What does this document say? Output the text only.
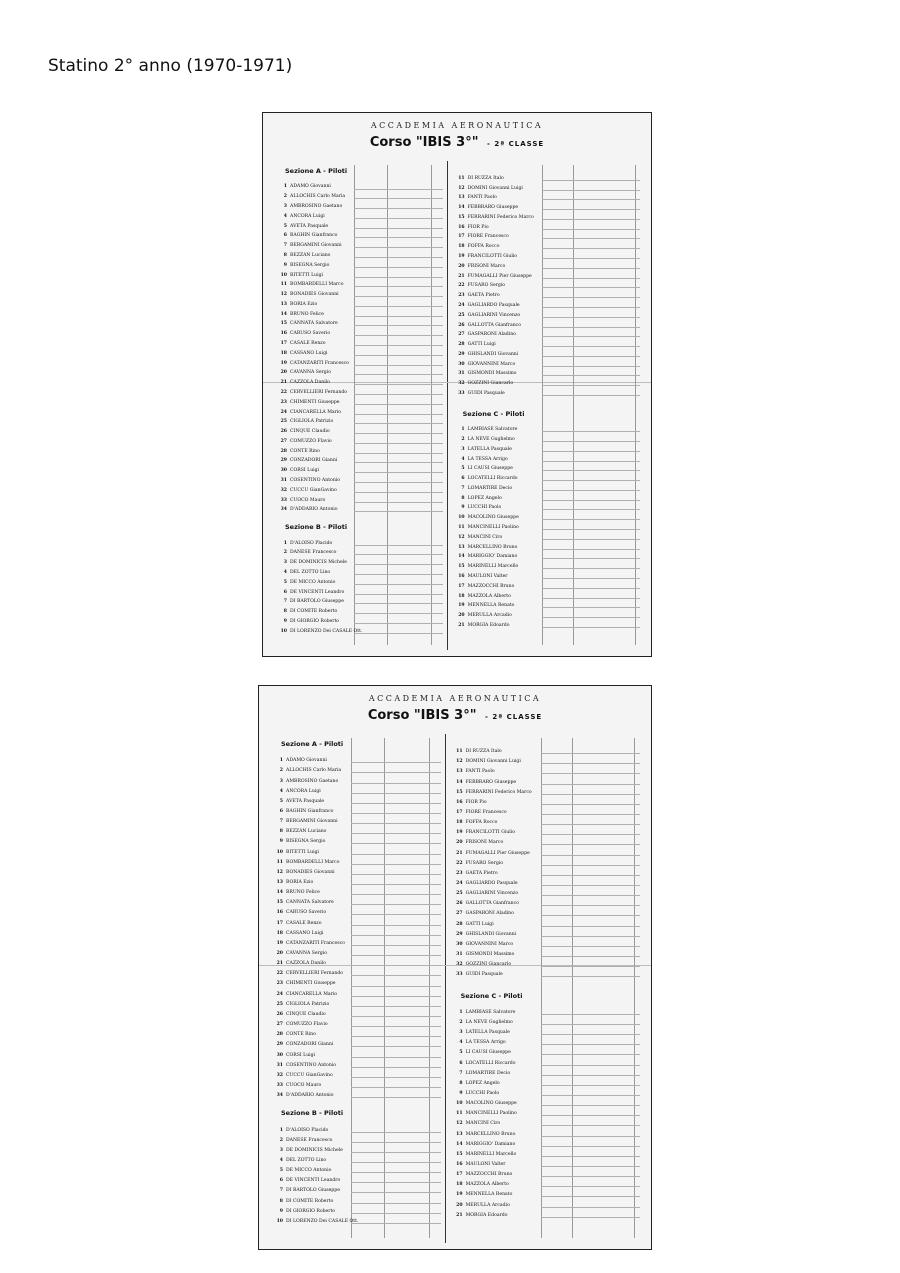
Statino 2° anno (1970-1971)
ACCADEMIA AERONAUTICA
Corso "IBIS 3°" - 2ª CLASSE
Sezione A - Piloti
1 ADAMO Giovanni
2 ALLOCHIS Carlo Maria
3 AMBROSINO Gaetano
4 ANCORA Luigi
5 AVETA Pasquale
6 BAGHIN Gianfranco
7 BERGAMINI Giovanni
8 BEZZAN Luciano
9 BISEGNA Sergio
10 BITETTI Luigi
11 BOMBARDELLI Marco
12 BONADIES Giovanni
13 BORIA Ezio
14 BRUNO Felice
15 CANNATA Salvatore
16 CARUSO Saverio
17 CASALE Renzo
18 CASSANO Luigi
19 CATANZARITI Francesco
20 CAVANNA Sergio
21 CAZZOLA Danilo
22 CERVELLIERI Fernando
23 CHIMENTI Giuseppe
24 CIANCARELLA Mario
25 CIGLIOLA Patrizio
26 CINQUE Claudio
27 COMUZZO Flavio
28 CONTE Rino
29 CONZADORI Gianni
30 CORSI Luigi
31 COSENTINO Antonio
32 CUCCU GianGavino
33 CUOCO Mauro
34 D'ADDARIO Antonio
Sezione B - Piloti
1 D'ALOISO Placido
2 DANESE Francesco
3 DE DOMINICIS Michele
4 DEL ZOTTO Lino
5 DE MICCO Antonio
6 DE VINCENTI Leandro
7 DI BARTOLO Giuseppe
8 DI COMITE Roberto
9 DI GIORGIO Roberto
10 DI LORENZO Dei CASALE Ott.
11 DI RUZZA Italo
12 DOMINI Giovanni Luigi
13 FANTI Paolo
14 FEBBRARO Giuseppe
15 FERRARINI Federico Marco
16 FIOR Pio
17 FIORE Francesco
18 FOFFA Rocco
19 FRANCILOTTI Giulio
20 FRISONI Marco
21 FUMAGALLI Pier Giuseppe
22 FUSARO Sergio
23 GAETA Pietro
24 GAGLIARDO Pasquale
25 GAGLIARINI Vincenzo
26 GALLOTTA Gianfranco
27 GASPARONI Aladino
28 GATTI Luigi
29 GHISLANDI Giovanni
30 GIOVANNINI Marco
31 GISMONDI Massimo
32 GOZZINI Giancarlo
33 GUIDI Pasquale
Sezione C - Piloti
1 LAMBIASE Salvatore
2 LA NEVE Guglielmo
3 LATELLA Pasquale
4 LA TESSA Arrigo
5 LI CAUSI Giuseppe
6 LOCATELLI Riccardo
7 LOMARTIRE Decio
8 LOPEZ Angelo
9 LUCCHI Paolo
10 MACOLINO Giuseppe
11 MANCINELLI Paolino
12 MANCINI Ciro
13 MARCELLINO Bruno
14 MARIGGIO' Damiano
15 MARINELLI Marcello
16 MAULONI Valter
17 MAZZOCCHI Bruno
18 MAZZOLA Alberto
19 MENNELLA Renato
20 MERULLA Arcadio
21 MORGIA Edoardo
ACCADEMIA AERONAUTICA
Corso "IBIS 3°" - 2ª CLASSE
Sezione A - Piloti
1 ADAMO Giovanni
2 ALLOCHIS Carlo Maria
3 AMBROSINO Gaetano
4 ANCORA Luigi
5 AVETA Pasquale
6 BAGHIN Gianfranco
7 BERGAMINI Giovanni
8 BEZZAN Luciano
9 BISEGNA Sergio
10 BITETTI Luigi
11 BOMBARDELLI Marco
12 BONADIES Giovanni
13 BORIA Ezio
14 BRUNO Felice
15 CANNATA Salvatore
16 CARUSO Saverio
17 CASALE Renzo
18 CASSANO Luigi
19 CATANZARITI Francesco
20 CAVANNA Sergio
21 CAZZOLA Danilo
22 CERVELLIERI Fernando
23 CHIMENTI Giuseppe
24 CIANCARELLA Mario
25 CIGLIOLA Patrizio
26 CINQUE Claudio
27 COMUZZO Flavio
28 CONTE Rino
29 CONZADORI Gianni
30 CORSI Luigi
31 COSENTINO Antonio
32 CUCCU GianGavino
33 CUOCO Mauro
34 D'ADDARIO Antonio
Sezione B - Piloti
1 D'ALOISO Placido
2 DANESE Francesco
3 DE DOMINICIS Michele
4 DEL ZOTTO Lino
5 DE MICCO Antonio
6 DE VINCENTI Leandro
7 DI BARTOLO Giuseppe
8 DI COMITE Roberto
9 DI GIORGIO Roberto
10 DI LORENZO Dei CASALE Ott.
11 DI RUZZA Italo
12 DOMINI Giovanni Luigi
13 FANTI Paolo
14 FEBBRARO Giuseppe
15 FERRARINI Federico Marco
16 FIOR Pio
17 FIORE Francesco
18 FOFFA Rocco
19 FRANCILOTTI Giulio
20 FRISONI Marco
21 FUMAGALLI Pier Giuseppe
22 FUSARO Sergio
23 GAETA Pietro
24 GAGLIARDO Pasquale
25 GAGLIARINI Vincenzo
26 GALLOTTA Gianfranco
27 GASPARONI Aladino
28 GATTI Luigi
29 GHISLANDI Giovanni
30 GIOVANNINI Marco
31 GISMONDI Massimo
32 GOZZINI Giancarlo
33 GUIDI Pasquale
Sezione C - Piloti
1 LAMBIASE Salvatore
2 LA NEVE Guglielmo
3 LATELLA Pasquale
4 LA TESSA Arrigo
5 LI CAUSI Giuseppe
6 LOCATELLI Riccardo
7 LOMARTIRE Decio
8 LOPEZ Angelo
9 LUCCHI Paolo
10 MACOLINO Giuseppe
11 MANCINELLI Paolino
12 MANCINI Ciro
13 MARCELLINO Bruno
14 MARIGGIO' Damiano
15 MARINELLI Marcello
16 MAULONI Valter
17 MAZZOCCHI Bruno
18 MAZZOLA Alberto
19 MENNELLA Renato
20 MERULLA Arcadio
21 MORGIA Edoardo
